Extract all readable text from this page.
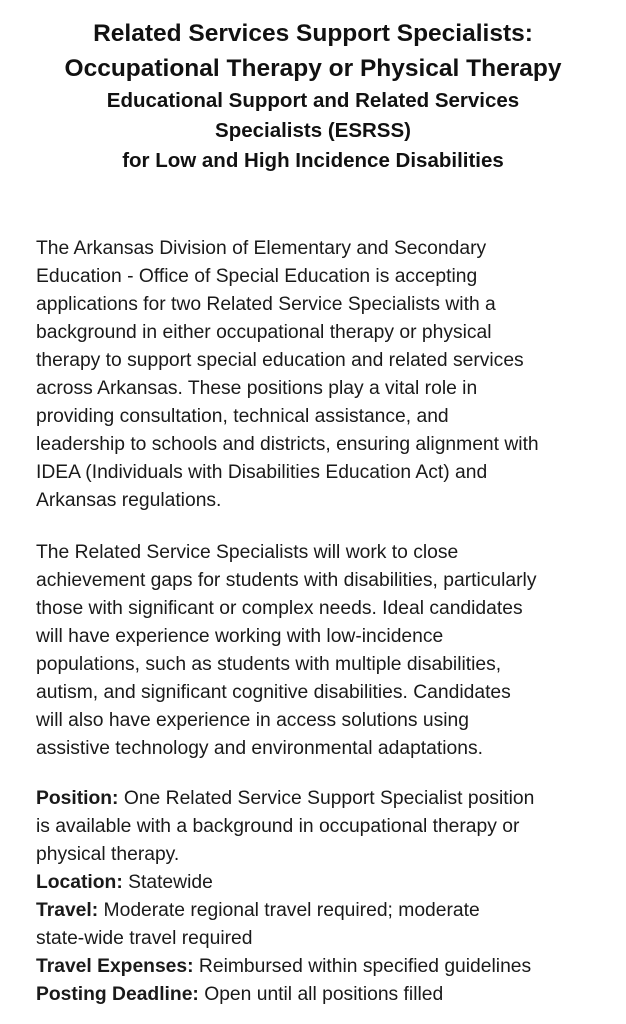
Related Services Support Specialists:
Occupational Therapy or Physical Therapy
Educational Support and Related Services
Specialists (ESRSS)
for Low and High Incidence Disabilities
The Arkansas Division of Elementary and Secondary
Education - Office of Special Education is accepting
applications for two Related Service Specialists with a
background in either occupational therapy or physical
therapy to support special education and related services
across Arkansas. These positions play a vital role in
providing consultation, technical assistance, and
leadership to schools and districts, ensuring alignment with
IDEA (Individuals with Disabilities Education Act) and
Arkansas regulations.
The Related Service Specialists will work to close
achievement gaps for students with disabilities, particularly
those with significant or complex needs. Ideal candidates
will have experience working with low-incidence
populations, such as students with multiple disabilities,
autism, and significant cognitive disabilities. Candidates
will also have experience in access solutions using
assistive technology and environmental adaptations.
Position: One Related Service Support Specialist position
is available with a background in occupational therapy or
physical therapy.
Location: Statewide
Travel: Moderate regional travel required; moderate
state-wide travel required
Travel Expenses: Reimbursed within specified guidelines
Posting Deadline: Open until all positions filled
